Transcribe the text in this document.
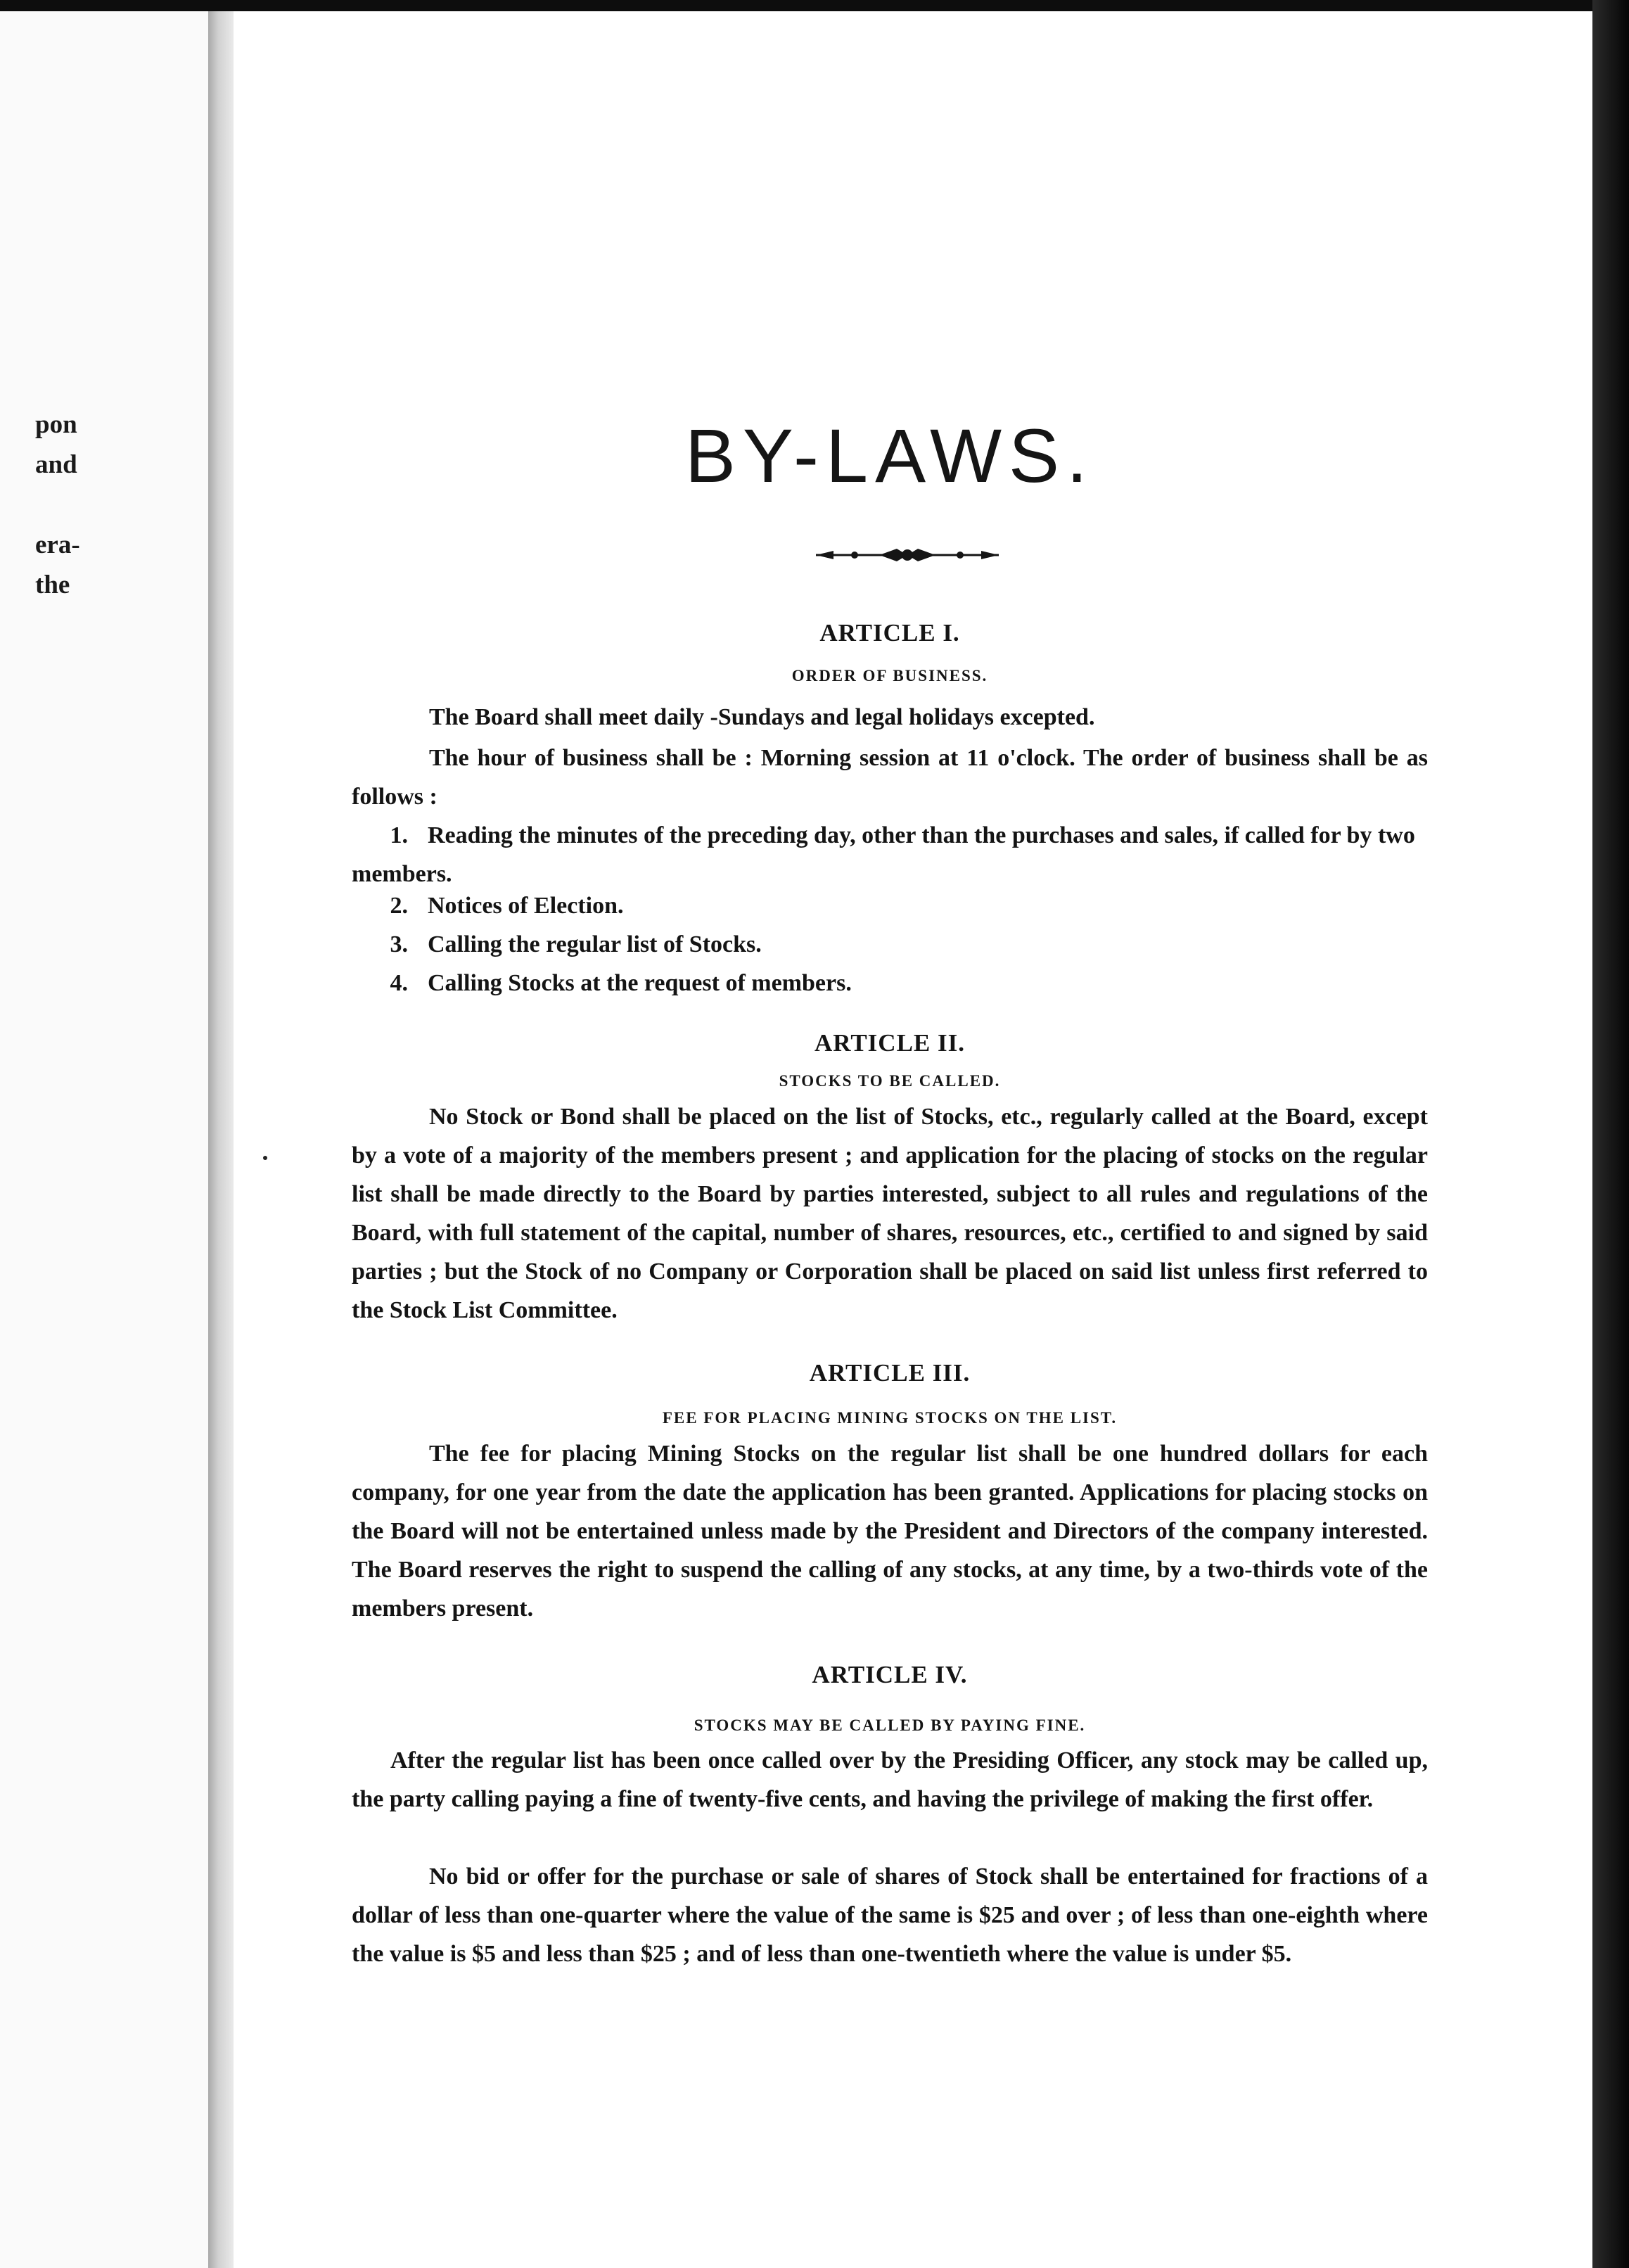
pon
and
era-
the
BY-LAWS.
ARTICLE I.
ORDER OF BUSINESS.

The Board shall meet daily -Sundays and legal holidays excepted.

The hour of business shall be : Morning session at 11 o'clock. The order of business shall be as follows :

1. Reading the minutes of the preceding day, other than the purchases and sales, if called for by two members.

2. Notices of Election.

3. Calling the regular list of Stocks.

4. Calling Stocks at the request of members.

ARTICLE II.
STOCKS TO BE CALLED.

No Stock or Bond shall be placed on the list of Stocks, etc., regularly called at the Board, except by a vote of a majority of the members present ; and application for the placing of stocks on the regular list shall be made directly to the Board by parties interested, subject to all rules and regulations of the Board, with full statement of the capital, number of shares, resources, etc., certified to and signed by said parties ; but the Stock of no Company or Corporation shall be placed on said list unless first referred to the Stock List Committee.

ARTICLE III.
FEE FOR PLACING MINING STOCKS ON THE LIST.

The fee for placing Mining Stocks on the regular list shall be one hundred dollars for each company, for one year from the date the application has been granted. Applications for placing stocks on the Board will not be entertained unless made by the President and Directors of the company interested. The Board reserves the right to suspend the calling of any stocks, at any time, by a two-thirds vote of the members present.

ARTICLE IV.
STOCKS MAY BE CALLED BY PAYING FINE.

After the regular list has been once called over by the Presiding Officer, any stock may be called up, the party calling paying a fine of twenty-five cents, and having the privilege of making the first offer.

No bid or offer for the purchase or sale of shares of Stock shall be entertained for fractions of a dollar of less than one-quarter where the value of the same is $25 and over ; of less than one-eighth where the value is $5 and less than $25 ; and of less than one-twentieth where the value is under $5.
